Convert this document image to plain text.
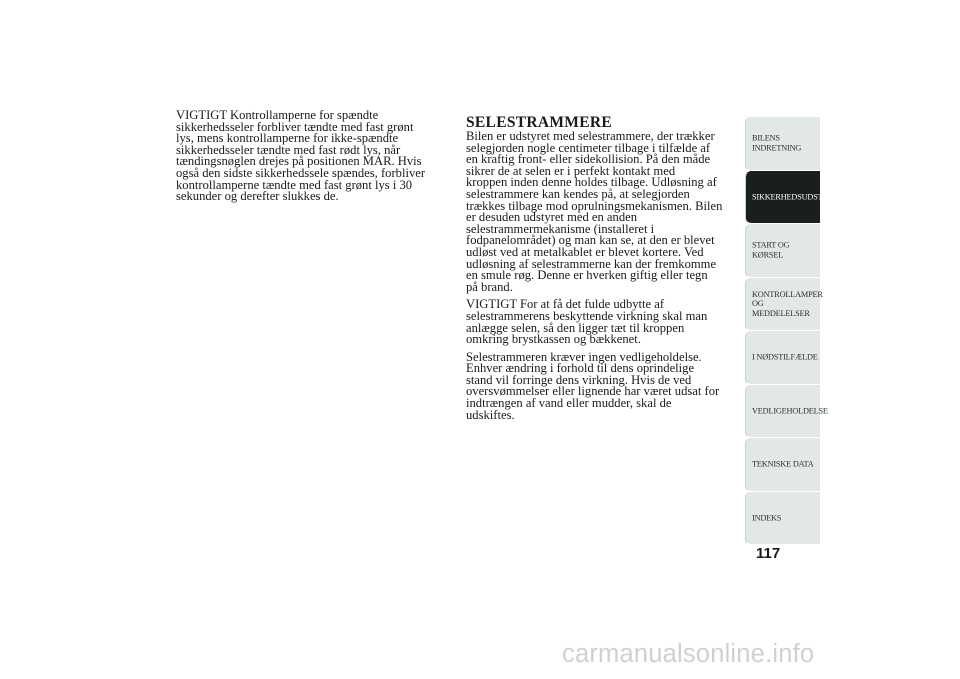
VIGTIGT Kontrollamperne for spændte

sikkerhedsseler forbliver tændte med fast grønt

lys, mens kontrollamperne for ikke-spændte

sikkerhedsseler tændte med fast rødt lys, når

tændingsnøglen drejes på positionen MAR. Hvis

også den sidste sikkerhedssele spændes, forbliver

kontrollamperne tændte med fast grønt lys i 30

sekunder og derefter slukkes de.

SELESTRAMMERE

Bilen er udstyret med selestrammere, der trækker
selegjorden nogle centimeter tilbage i tilfælde af
en kraftig front- eller sidekollision. På den måde
sikrer de at selen er i perfekt kontakt med
kroppen inden denne holdes tilbage. Udløsning af
selestrammere kan kendes på, at selegjorden
trækkes tilbage mod oprulningsmekanismen. Bilen
er desuden udstyret med en anden
selestrammermekanisme (installeret i
fodpanelområdet) og man kan se, at den er blevet
udløst ved at metalkablet er blevet kortere. Ved
udløsning af selestrammerne kan der fremkomme
en smule røg. Denne er hverken giftig eller tegn
på brand.

VIGTIGT For at få det fulde udbytte af
selestrammerens beskyttende virkning skal man
anlægge selen, så den ligger tæt til kroppen
omkring brystkassen og bækkenet.

Selestrammeren kræver ingen vedligeholdelse.
Enhver ændring i forhold til dens oprindelige
stand vil forringe dens virkning. Hvis de ved
oversvømmelser eller lignende har været udsat for
indtrængen af vand eller mudder, skal de
udskiftes.

BILENS
INDRETNING
SIKKERHEDSUDSTYR
START OG KØRSEL
KONTROLLAMPER
OG MEDDELELSER
I NØDSTILFÆLDE
VEDLIGEHOLDELSE
TEKNISKE DATA
INDEKS
117
carmanualsonline.info
